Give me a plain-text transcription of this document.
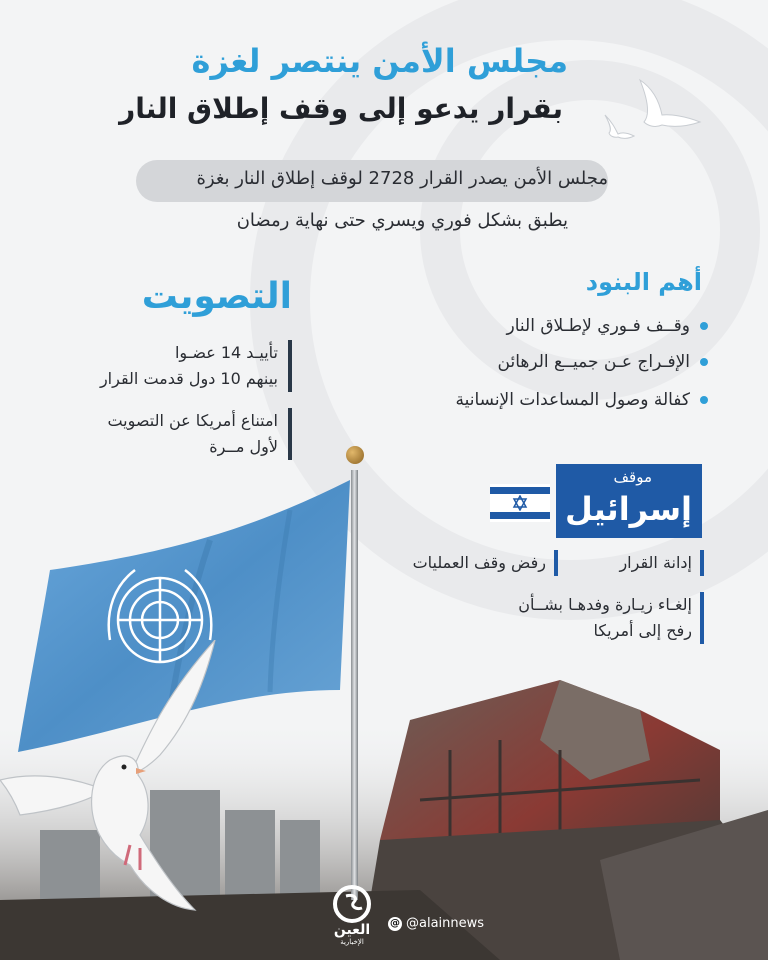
مجلس الأمن ينتصر لغزة
بقرار يدعو إلى وقف إطلاق النار
مجلس الأمن يصدر القرار 2728 لوقف إطلاق النار بغزة
يطبق بشكل فوري ويسري حتى نهاية رمضان
أهم البنود
وقــف فـوري لإطـلاق النار
الإفـراج عـن جميــع الرهائن
كفالة وصول المساعدات الإنسانية
التصويت
تأييـد 14 عضـوا
بينهم 10 دول قدمت القرار
امتناع أمريكا عن التصويت
لأول مــرة
موقف
إسرائيل
إدانة القرار
رفض وقف العمليات
إلغـاء زيـارة وفدهـا بشــأن
رفح إلى أمريكا
العين
الإخبارية
@ @alainnews
